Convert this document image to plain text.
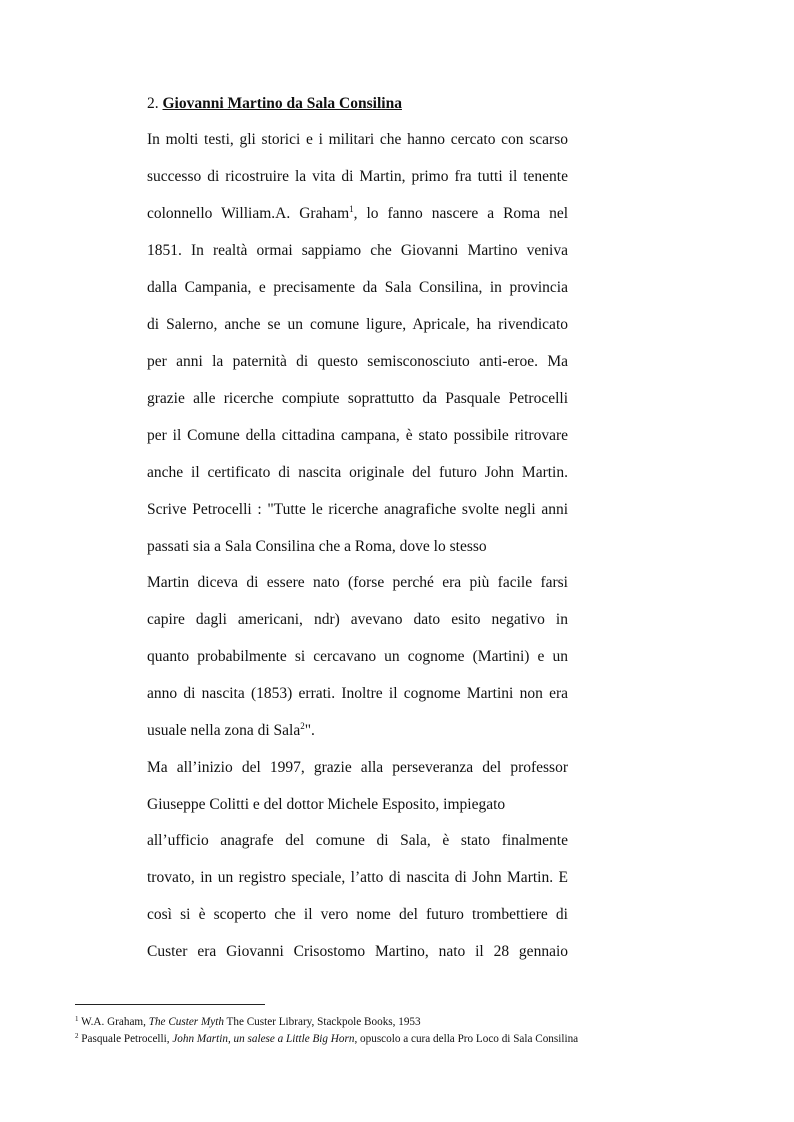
2. Giovanni Martino da Sala Consilina
In molti testi, gli storici e i militari che hanno cercato con scarso
successo di ricostruire la vita di Martin, primo fra tutti il tenente
colonnello William.A. Graham$^1$, lo fanno nascere a Roma nel
1851. In realtà ormai sappiamo che Giovanni Martino veniva
dalla Campania, e precisamente da Sala Consilina, in provincia
di Salerno, anche se un comune ligure, Apricale, ha rivendicato
per anni la paternità di questo semisconosciuto anti-eroe. Ma
grazie alle ricerche compiute soprattutto da Pasquale Petrocelli
per il Comune della cittadina campana, è stato possibile ritrovare
anche il certificato di nascita originale del futuro John Martin.
Scrive Petrocelli : "Tutte le ricerche anagrafiche svolte negli anni
passati sia a Sala Consilina che a Roma, dove lo stesso
Martin diceva di essere nato (forse perché era più facile farsi
capire dagli americani, ndr) avevano dato esito negativo in
quanto probabilmente si cercavano un cognome (Martini) e un
anno di nascita (1853) errati. Inoltre il cognome Martini non era
usuale nella zona di Sala$^2$".
Ma all’inizio del 1997, grazie alla perseveranza del professor
Giuseppe Colitti e del dottor Michele Esposito, impiegato
all’ufficio anagrafe del comune di Sala, è stato finalmente
trovato, in un registro speciale, l’atto di nascita di John Martin. E
così si è scoperto che il vero nome del futuro trombettiere di
Custer era Giovanni Crisostomo Martino, nato il 28 gennaio
$^1$ W.A. Graham, The Custer Myth The Custer Library, Stackpole Books, 1953
$^2$ Pasquale Petrocelli, John Martin, un salese a Little Big Horn, opuscolo a cura della Pro Loco di Sala Consilina
